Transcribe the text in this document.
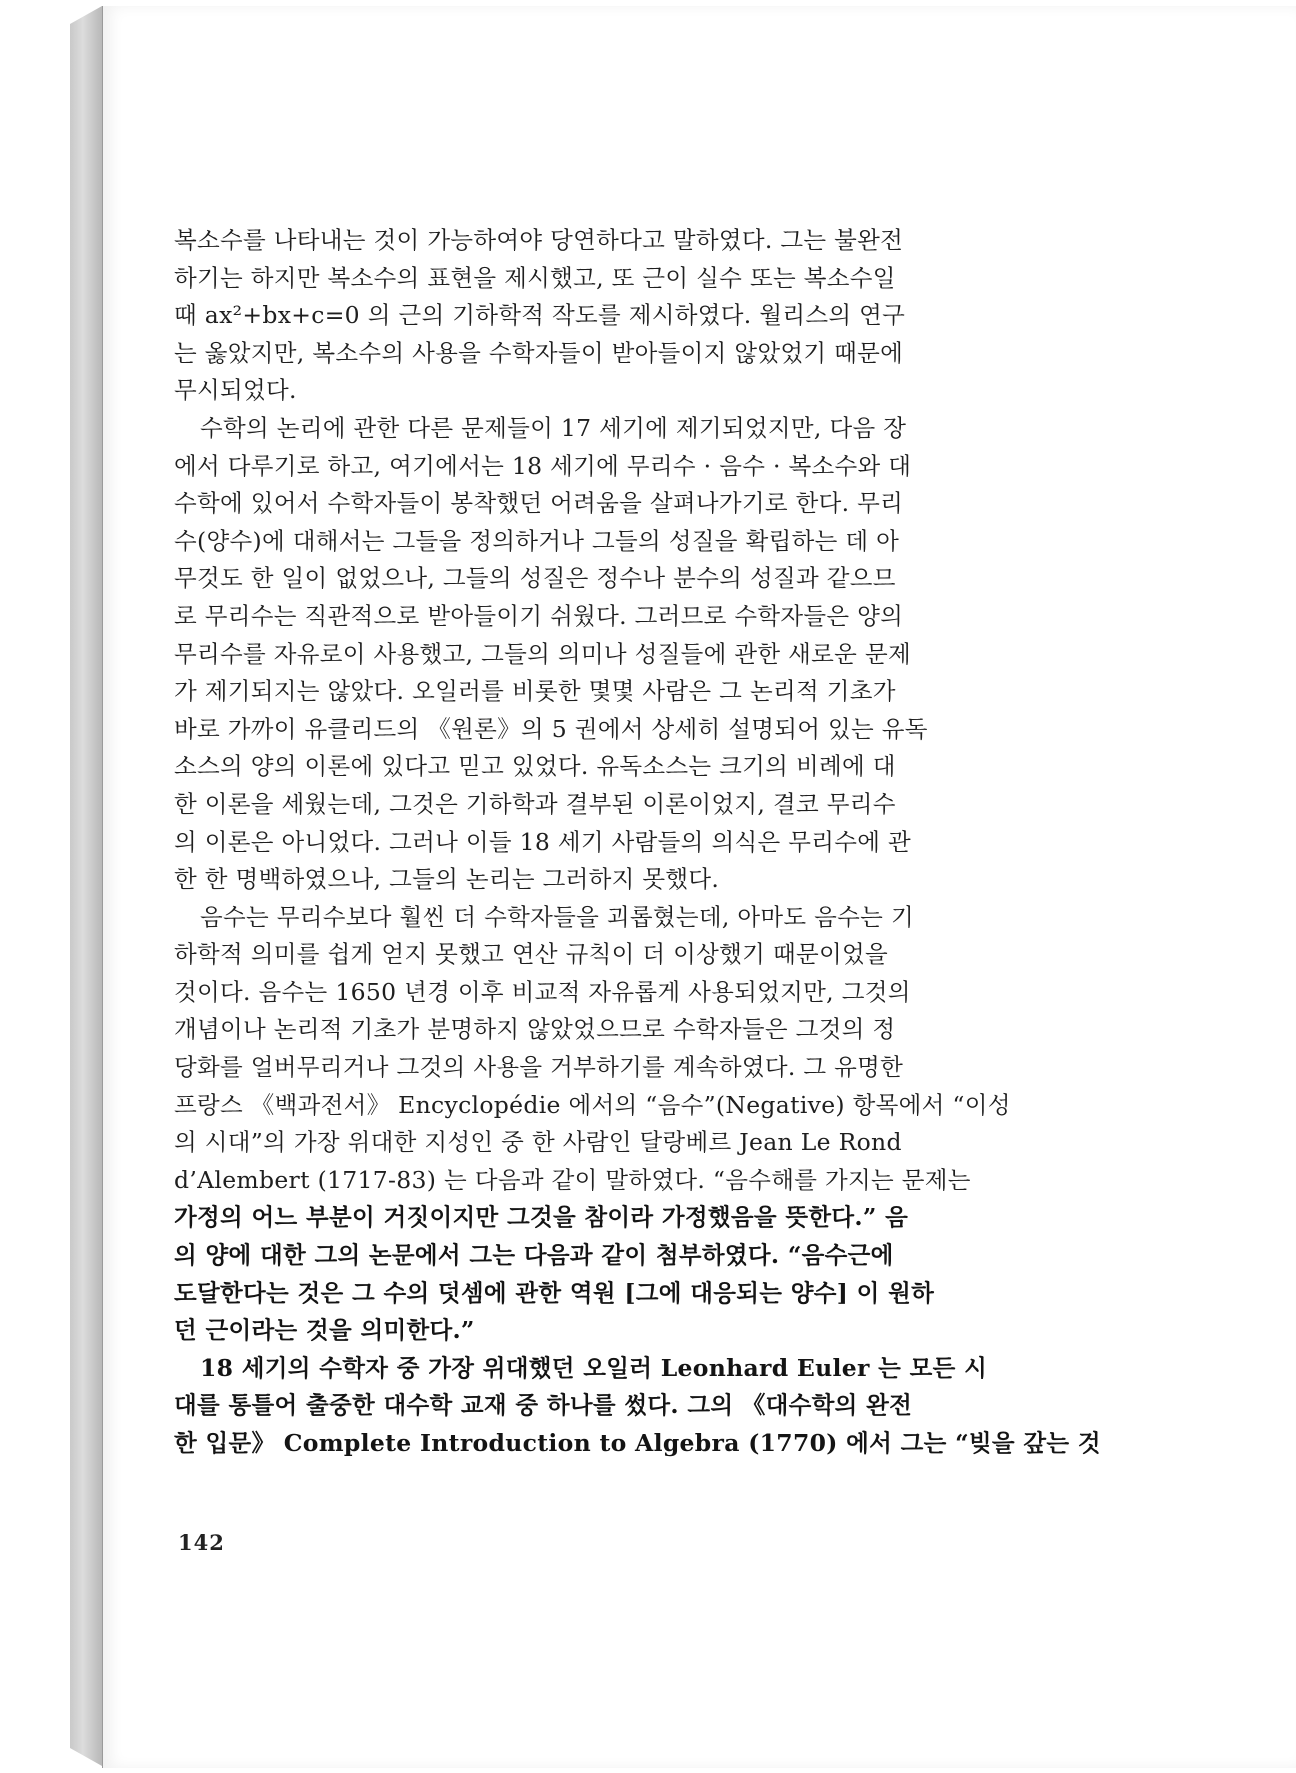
복소수를 나타내는 것이 가능하여야 당연하다고 말하였다. 그는 불완전
하기는 하지만 복소수의 표현을 제시했고, 또 근이 실수 또는 복소수일
때 ax²+bx+c=0 의 근의 기하학적 작도를 제시하였다. 월리스의 연구
는 옳았지만, 복소수의 사용을 수학자들이 받아들이지 않았었기 때문에
무시되었다.
수학의 논리에 관한 다른 문제들이 17 세기에 제기되었지만, 다음 장
에서 다루기로 하고, 여기에서는 18 세기에 무리수 · 음수 · 복소수와 대
수학에 있어서 수학자들이 봉착했던 어려움을 살펴나가기로 한다. 무리
수(양수)에 대해서는 그들을 정의하거나 그들의 성질을 확립하는 데 아
무것도 한 일이 없었으나, 그들의 성질은 정수나 분수의 성질과 같으므
로 무리수는 직관적으로 받아들이기 쉬웠다. 그러므로 수학자들은 양의
무리수를 자유로이 사용했고, 그들의 의미나 성질들에 관한 새로운 문제
가 제기되지는 않았다. 오일러를 비롯한 몇몇 사람은 그 논리적 기초가
바로 가까이 유클리드의 《원론》의 5 권에서 상세히 설명되어 있는 유독
소스의 양의 이론에 있다고 믿고 있었다. 유독소스는 크기의 비례에 대
한 이론을 세웠는데, 그것은 기하학과 결부된 이론이었지, 결코 무리수
의 이론은 아니었다. 그러나 이들 18 세기 사람들의 의식은 무리수에 관
한 한 명백하였으나, 그들의 논리는 그러하지 못했다.
음수는 무리수보다 훨씬 더 수학자들을 괴롭혔는데, 아마도 음수는 기
하학적 의미를 쉽게 얻지 못했고 연산 규칙이 더 이상했기 때문이었을
것이다. 음수는 1650 년경 이후 비교적 자유롭게 사용되었지만, 그것의
개념이나 논리적 기초가 분명하지 않았었으므로 수학자들은 그것의 정
당화를 얼버무리거나 그것의 사용을 거부하기를 계속하였다. 그 유명한
프랑스 《백과전서》 Encyclopédie 에서의 “음수”(Negative) 항목에서 “이성
의 시대”의 가장 위대한 지성인 중 한 사람인 달랑베르 Jean Le Rond
d’Alembert (1717-83) 는 다음과 같이 말하였다. “음수해를 가지는 문제는
가정의 어느 부분이 거짓이지만 그것을 참이라 가정했음을 뜻한다.” 음
의 양에 대한 그의 논문에서 그는 다음과 같이 첨부하였다. “음수근에
도달한다는 것은 그 수의 덧셈에 관한 역원 [그에 대응되는 양수] 이 원하
던 근이라는 것을 의미한다.”
18 세기의 수학자 중 가장 위대했던 오일러 Leonhard Euler 는 모든 시
대를 통틀어 출중한 대수학 교재 중 하나를 썼다. 그의 《대수학의 완전
한 입문》 Complete Introduction to Algebra (1770) 에서 그는 “빚을 갚는 것
142
